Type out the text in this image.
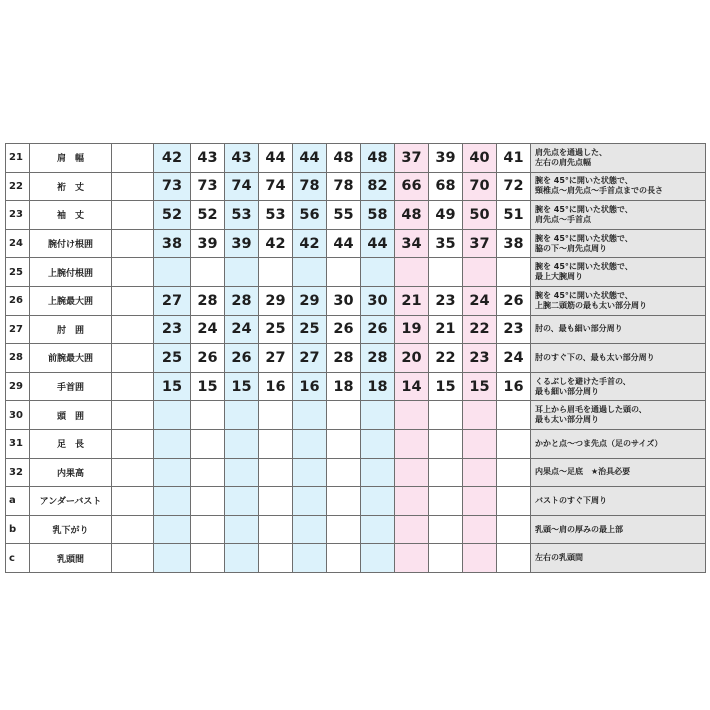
21	肩　幅		42	43	43	44	44	48	48	37	39	40	41	肩先点を通過した、
左右の肩先点幅

22	裄　丈		73	73	74	74	78	78	82	66	68	70	72	腕を 45°に開いた状態で、
頸椎点〜肩先点〜手首点までの長さ

23	袖　丈		52	52	53	53	56	55	58	48	49	50	51	腕を 45°に開いた状態で、
肩先点〜手首点

24	腕付け根囲		38	39	39	42	42	44	44	34	35	37	38	腕を 45°に開いた状態で、
脇の下〜肩先点周り

25	上腕付根囲													腕を 45°に開いた状態で、
最上大腕周り

26	上腕最大囲		27	28	28	29	29	30	30	21	23	24	26	腕を 45°に開いた状態で、
上腕二頭筋の最も太い部分周り

27	肘　囲		23	24	24	25	25	26	26	19	21	22	23	肘の、最も細い部分周り

28	前腕最大囲		25	26	26	27	27	28	28	20	22	23	24	肘のすぐ下の、最も太い部分周り

29	手首囲		15	15	15	16	16	18	18	14	15	15	16	くるぶしを避けた手首の、
最も細い部分周り

30	頭　囲													耳上から眉毛を通過した頭の、
最も太い部分周り

31	足　長													かかと点〜つま先点（足のサイズ）

32	内果高													内果点〜足底　★治具必要

a	アンダーバスト													バストのすぐ下周り

b	乳下がり													乳頭〜肩の厚みの最上部

c	乳頭間													左右の乳頭間
